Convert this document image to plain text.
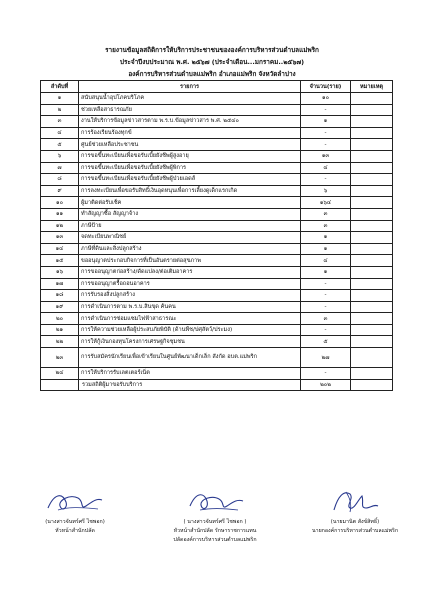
รายงานข้อมูลสถิติการให้บริการประชาชนขององค์การบริหารส่วนตำบลแม่พริก
ประจำปีงบประมาณ พ.ศ. ๒๕๖๗ (ประจำเดือน...มกราคม..๒๕๖๗)
องค์การบริหารส่วนตำบลแม่พริก อำเภอแม่พริก จังหวัดลำปาง
ลำดับที่	รายการ	จำนวน(ราย)	หมายเหตุ
๑	สนับสนุนน้ำอุปโภคบริโภค	๑๐	
๒	ช่วยเหลือสาธารณภัย	-	
๓	งานให้บริการข้อมูลข่าวสารตาม พ.ร.บ.ข้อมูลข่าวสาร พ.ศ. ๒๕๔๐	๑	
๔	การร้องเรียนร้องทุกข์	-	
๕	ศูนย์ช่วยเหลือประชาชน	-	
๖	การขอขึ้นทะเบียนเพื่อขอรับเบี้ยยังชีพผู้สูงอายุ	๑๓	
๗	การขอขึ้นทะเบียนเพื่อขอรับเบี้ยยังชีพผู้พิการ	๔	
๘	การขอขึ้นทะเบียนเพื่อขอรับเบี้ยยังชีพผู้ป่วยเอดส์	-	
๙	การลงทะเบียนเพื่อขอรับสิทธิ์เงินอุดหนุนเพื่อการเลี้ยงดูเด็กแรกเกิด	๖	
๑๐	ผู้มาติดต่อรับเช็ค	๑๖๔	
๑๑	ทำสัญญาซื้อ สัญญาจ้าง	๓	
๑๒	ภาษีป้าย	๓	
๑๓	จดทะเบียนพาณิชย์	๑	
๑๔	ภาษีที่ดินและสิ่งปลูกสร้าง	๑	
๑๕	ขออนุญาตประกอบกิจการที่เป็นอันตรายต่อสุขภาพ	๔	
๑๖	การขออนุญาตก่อสร้าง/ดัดแปลง/ต่อเติมอาคาร	๑	
๑๗	การขออนุญาตรื้อถอนอาคาร	-	
๑๘	การรับรองสิ่งปลูกสร้าง	-	
๑๙	การดำเนินการตาม พ.ร.บ.สินขุด ค้นคน	-	
๒๐	การดำเนินการซ่อมแซมไฟฟ้าสาธารณะ	๓	
๒๑	การให้ความช่วยเหลือผู้ประสบภัยพิบัติ (ด้านพืช/ปศุสัตว์/ประมง)	-	
๒๒	การให้กู้เงินกองทุนโครงการเศรษฐกิจชุมชน	๕	
๒๓	การรับสมัครนักเรียนเพื่อเข้าเรียนในศูนย์พัฒนาเด็กเล็ก สังกัด อบต.แม่พริก	๒๗	
๒๔	การให้บริการรับเลตเตอร์เน็ต	-	
	รวมสถิติผู้มาขอรับบริการ	๒๐๒	
(นางสาวจันทร์ศรี ไชพอก)
หัวหน้าสำนักปลัด
( นางสาวจันทร์ศรี ไชพอก )
หัวหน้าสำนักปลัด รักษาราชการแทน
ปลัดองค์การบริหารส่วนตำบลแม่พริก
(นายมานิต สังข์สิทธิ์)
นายกองค์การบริหารส่วนตำบลแม่พริก
